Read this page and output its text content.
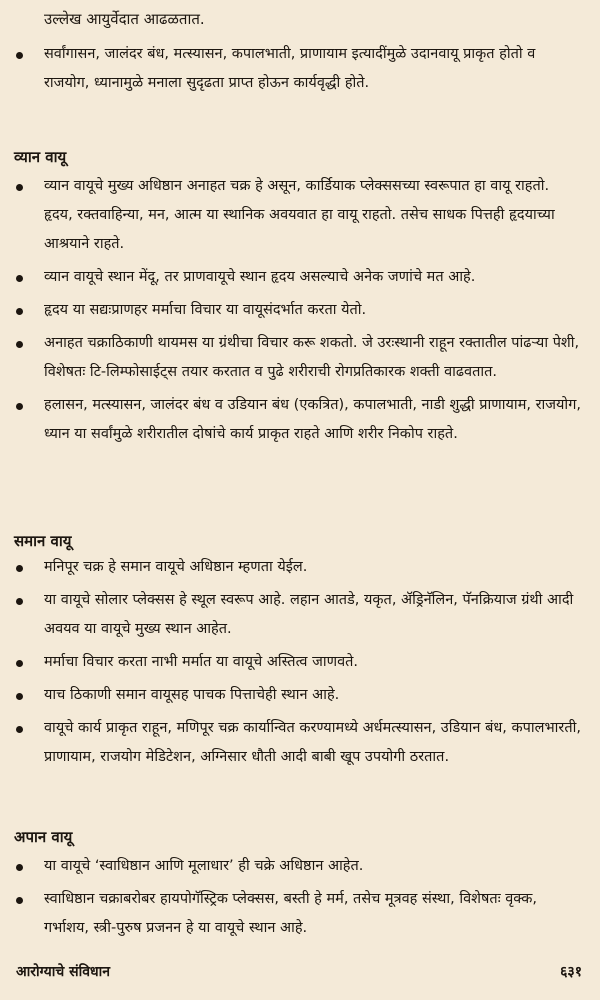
उल्लेख आयुर्वेदात आढळतात.
सर्वांगासन, जालंदर बंध, मत्स्यासन, कपालभाती, प्राणायाम इत्यादींमुळे उदानवायू प्राकृत होतो व राजयोग, ध्यानामुळे मनाला सुदृढता प्राप्त होऊन कार्यवृद्धी होते.
व्यान वायू
व्यान वायूचे मुख्य अधिष्ठान अनाहत चक्र हे असून, कार्डियाक प्लेक्ससच्या स्वरूपात हा वायू राहतो. हृदय, रक्तवाहिन्या, मन, आत्म या स्थानिक अवयवात हा वायू राहतो. तसेच साधक पित्तही हृदयाच्या आश्रयाने राहते.
व्यान वायूचे स्थान मेंदू, तर प्राणवायूचे स्थान हृदय असल्याचे अनेक जणांचे मत आहे.
हृदय या सद्यःप्राणहर मर्माचा विचार या वायूसंदर्भात करता येतो.
अनाहत चक्राठिकाणी थायमस या ग्रंथीचा विचार करू शकतो. जे उरःस्थानी राहून रक्तातील पांढऱ्या पेशी, विशेषतः टि-लिम्फोसाईट्स तयार करतात व पुढे शरीराची रोगप्रतिकारक शक्ती वाढवतात.
हलासन, मत्स्यासन, जालंदर बंध व उडियान बंध (एकत्रित), कपालभाती, नाडी शुद्धी प्राणायाम, राजयोग, ध्यान या सर्वांमुळे शरीरातील दोषांचे कार्य प्राकृत राहते आणि शरीर निकोप राहते.
समान वायू
मनिपूर चक्र हे समान वायूचे अधिष्ठान म्हणता येईल.
या वायूचे सोलार प्लेक्सस हे स्थूल स्वरूप आहे. लहान आतडे, यकृत, ॲड्रिनॅलिन, पॅनक्रियाज ग्रंथी आदी अवयव या वायूचे मुख्य स्थान आहेत.
मर्माचा विचार करता नाभी मर्मात या वायूचे अस्तित्व जाणवते.
याच ठिकाणी समान वायूसह पाचक पित्ताचेही स्थान आहे.
वायूचे कार्य प्राकृत राहून, मणिपूर चक्र कार्यान्वित करण्यामध्ये अर्धमत्स्यासन, उडियान बंध, कपालभारती, प्राणायाम, राजयोग मेडिटेशन, अग्निसार धौती आदी बाबी खूप उपयोगी ठरतात.
अपान वायू
या वायूचे ‘स्वाधिष्ठान आणि मूलाधार’ ही चक्रे अधिष्ठान आहेत.
स्वाधिष्ठान चक्राबरोबर हायपोगॅस्ट्रिक प्लेक्सस, बस्ती हे मर्म, तसेच मूत्रवह संस्था, विशेषतः वृक्क, गर्भाशय, स्त्री-पुरुष प्रजनन हे या वायूचे स्थान आहे.
आरोग्याचे संविधान	६३१
